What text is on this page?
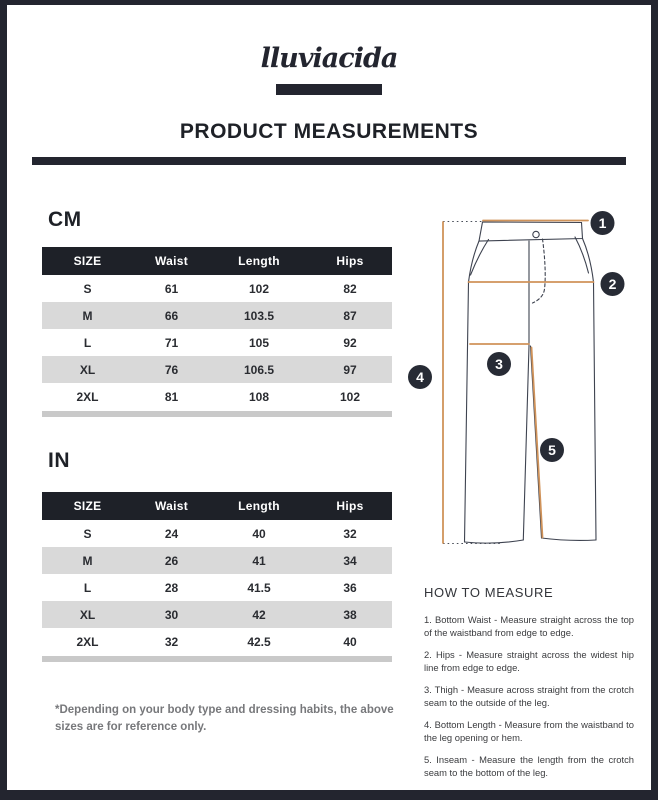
lluviacida
PRODUCT MEASUREMENTS
CM
SIZE	Waist	Length	Hips
S	61	102	82
M	66	103.5	87
L	71	105	92
XL	76	106.5	97
2XL	81	108	102
IN
SIZE	Waist	Length	Hips
S	24	40	32
M	26	41	34
L	28	41.5	36
XL	30	42	38
2XL	32	42.5	40
*Depending on your body type and dressing habits, the above sizes are for reference only.
1
2
3
4
5
HOW TO MEASURE

1. Bottom Waist - Measure straight across the top of the waistband from edge to edge.

2. Hips - Measure straight across the widest hip line from edge to edge.

3. Thigh - Measure across straight from the crotch seam to the outside of the leg.

4. Bottom Length - Measure from the waistband to the leg opening or hem.

5. Inseam - Measure the length from the crotch seam to the bottom of the leg.
